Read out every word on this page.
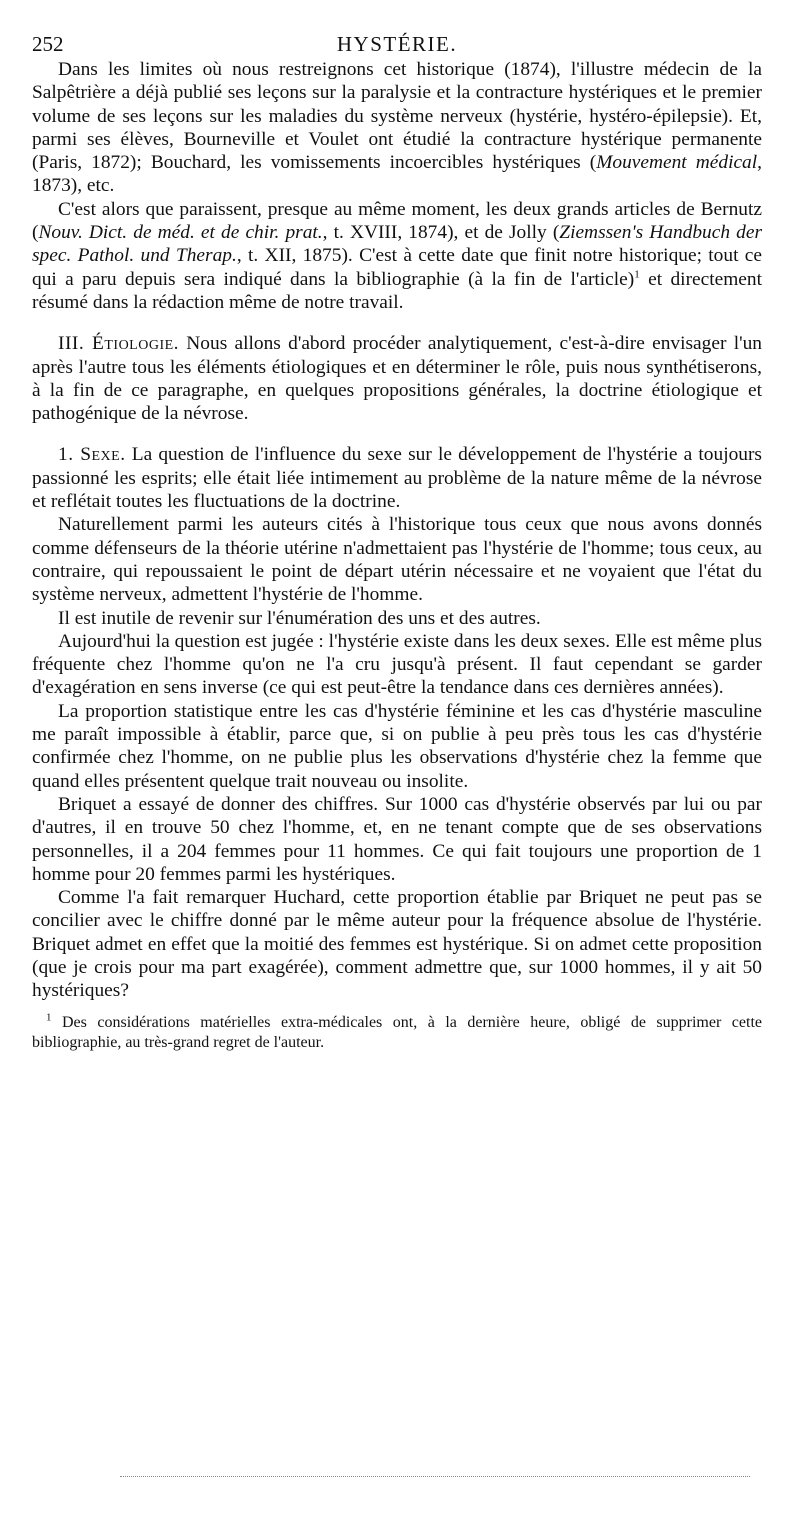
252	HYSTÉRIE.

Dans les limites où nous restreignons cet historique (1874), l'illustre médecin de la Salpêtrière a déjà publié ses leçons sur la paralysie et la contracture hystériques et le premier volume de ses leçons sur les maladies du système nerveux (hystérie, hystéro-épilepsie). Et, parmi ses élèves, Bourneville et Voulet ont étudié la contracture hystérique permanente (Paris, 1872); Bouchard, les vomissements incoercibles hystériques (Mouvement médical, 1873), etc.

C'est alors que paraissent, presque au même moment, les deux grands articles de Bernutz (Nouv. Dict. de méd. et de chir. prat., t. XVIII, 1874), et de Jolly (Ziemssen's Handbuch der spec. Pathol. und Therap., t. XII, 1875). C'est à cette date que finit notre historique; tout ce qui a paru depuis sera indiqué dans la bibliographie (à la fin de l'article)$^1$ et directement résumé dans la rédaction même de notre travail.

III. Étiologie. Nous allons d'abord procéder analytiquement, c'est-à-dire envisager l'un après l'autre tous les éléments étiologiques et en déterminer le rôle, puis nous synthétiserons, à la fin de ce paragraphe, en quelques propositions générales, la doctrine étiologique et pathogénique de la névrose.

1. Sexe. La question de l'influence du sexe sur le développement de l'hystérie a toujours passionné les esprits; elle était liée intimement au problème de la nature même de la névrose et reflétait toutes les fluctuations de la doctrine.

Naturellement parmi les auteurs cités à l'historique tous ceux que nous avons donnés comme défenseurs de la théorie utérine n'admettaient pas l'hystérie de l'homme; tous ceux, au contraire, qui repoussaient le point de départ utérin nécessaire et ne voyaient que l'état du système nerveux, admettent l'hystérie de l'homme.

Il est inutile de revenir sur l'énumération des uns et des autres.

Aujourd'hui la question est jugée : l'hystérie existe dans les deux sexes. Elle est même plus fréquente chez l'homme qu'on ne l'a cru jusqu'à présent. Il faut cependant se garder d'exagération en sens inverse (ce qui est peut-être la tendance dans ces dernières années).

La proportion statistique entre les cas d'hystérie féminine et les cas d'hystérie masculine me paraît impossible à établir, parce que, si on publie à peu près tous les cas d'hystérie confirmée chez l'homme, on ne publie plus les observations d'hystérie chez la femme que quand elles présentent quelque trait nouveau ou insolite.

Briquet a essayé de donner des chiffres. Sur 1000 cas d'hystérie observés par lui ou par d'autres, il en trouve 50 chez l'homme, et, en ne tenant compte que de ses observations personnelles, il a 204 femmes pour 11 hommes. Ce qui fait toujours une proportion de 1 homme pour 20 femmes parmi les hystériques.

Comme l'a fait remarquer Huchard, cette proportion établie par Briquet ne peut pas se concilier avec le chiffre donné par le même auteur pour la fréquence absolue de l'hystérie. Briquet admet en effet que la moitié des femmes est hystérique. Si on admet cette proposition (que je crois pour ma part exagérée), comment admettre que, sur 1000 hommes, il y ait 50 hystériques?

$^1$ Des considérations matérielles extra-médicales ont, à la dernière heure, obligé de supprimer cette bibliographie, au très-grand regret de l'auteur.
